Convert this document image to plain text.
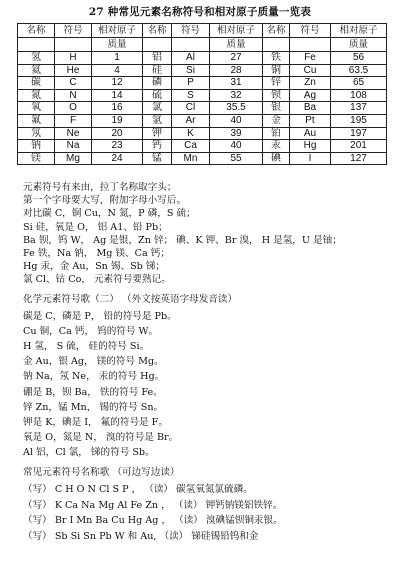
27 种常见元素名称符号和相对原子质量一览表
名称	符号	相对原子	名称	符号	相对原子	名称	符号	相对原子
		质量			质量			质量
氢	H	1	铝	Al	27	铁	Fe	56
氦	He	4	硅	Si	28	铜	Cu	63.5
碳	C	12	磷	P	31	锌	Zn	65
氮	N	14	硫	S	32	钡	Ag	108
氧	O	16	氯	Cl	35.5	银	Ba	137
氟	F	19	氩	Ar	40	金	Pt	195
氖	Ne	20	钾	K	39	铂	Au	197
钠	Na	23	钙	Ca	40	汞	Hg	201
镁	Mg	24	锰	Mn	55	碘	I	127
元素符号有来由，拉丁名称取字头；
第一个字母要大写，附加字母小写后。
对比碳 C，铜 Cu，N 氮，P 磷，S 硫；
Si 硅，氧是 O， 铝 A1、铅 Pb；
Ba 钡，钨 W， Ag 是银，Zn 锌； 碘、K 钾、Br 溴， H 是氢，U 是铀；
Fe 铁，Na 钠， Mg 镁、Ca 钙；
Hg 汞，金 Au，Sn 锡、Sb 锑；
氯 Cl、钴 Co， 元素符号要熟记。
化学元素符号歌（二） （外文按英语字母发音读）
碳是 C，磷是 P， 铅的符号是 Pb。
Cu 铜，Ca 钙， 钨的符号 W。
H 氢， S 硫， 硅的符号 Si。
金 Au，银 Ag， 镁的符号 Mg。
钠 Na，氖 Ne， 汞的符号 Hg。
硼是 B，钡 Ba， 铁的符号 Fe。
锌 Zn，锰 Mn， 锡的符号 Sn。
钾是 K，碘是 I， 氟的符号是 F。
氧是 O，氮是 N， 溴的符号是 Br。
Al 铝，Cl 氯， 锑的符号 Sb。
常见元素符号名称歌 （可边写边读）
（写） C H O N Cl S P ， （读） 碳氢氧氮氯硫磷。
（写） K Ca Na Mg Al Fe Zn ， （读） 钾钙钠镁铝铁锌。
（写） Br I Mn Ba Cu Hg Ag ， （读） 溴碘锰钡铜汞银。
（写） Sb Si Sn Pb W 和 Au, （读） 锑硅锡铅钨和金
